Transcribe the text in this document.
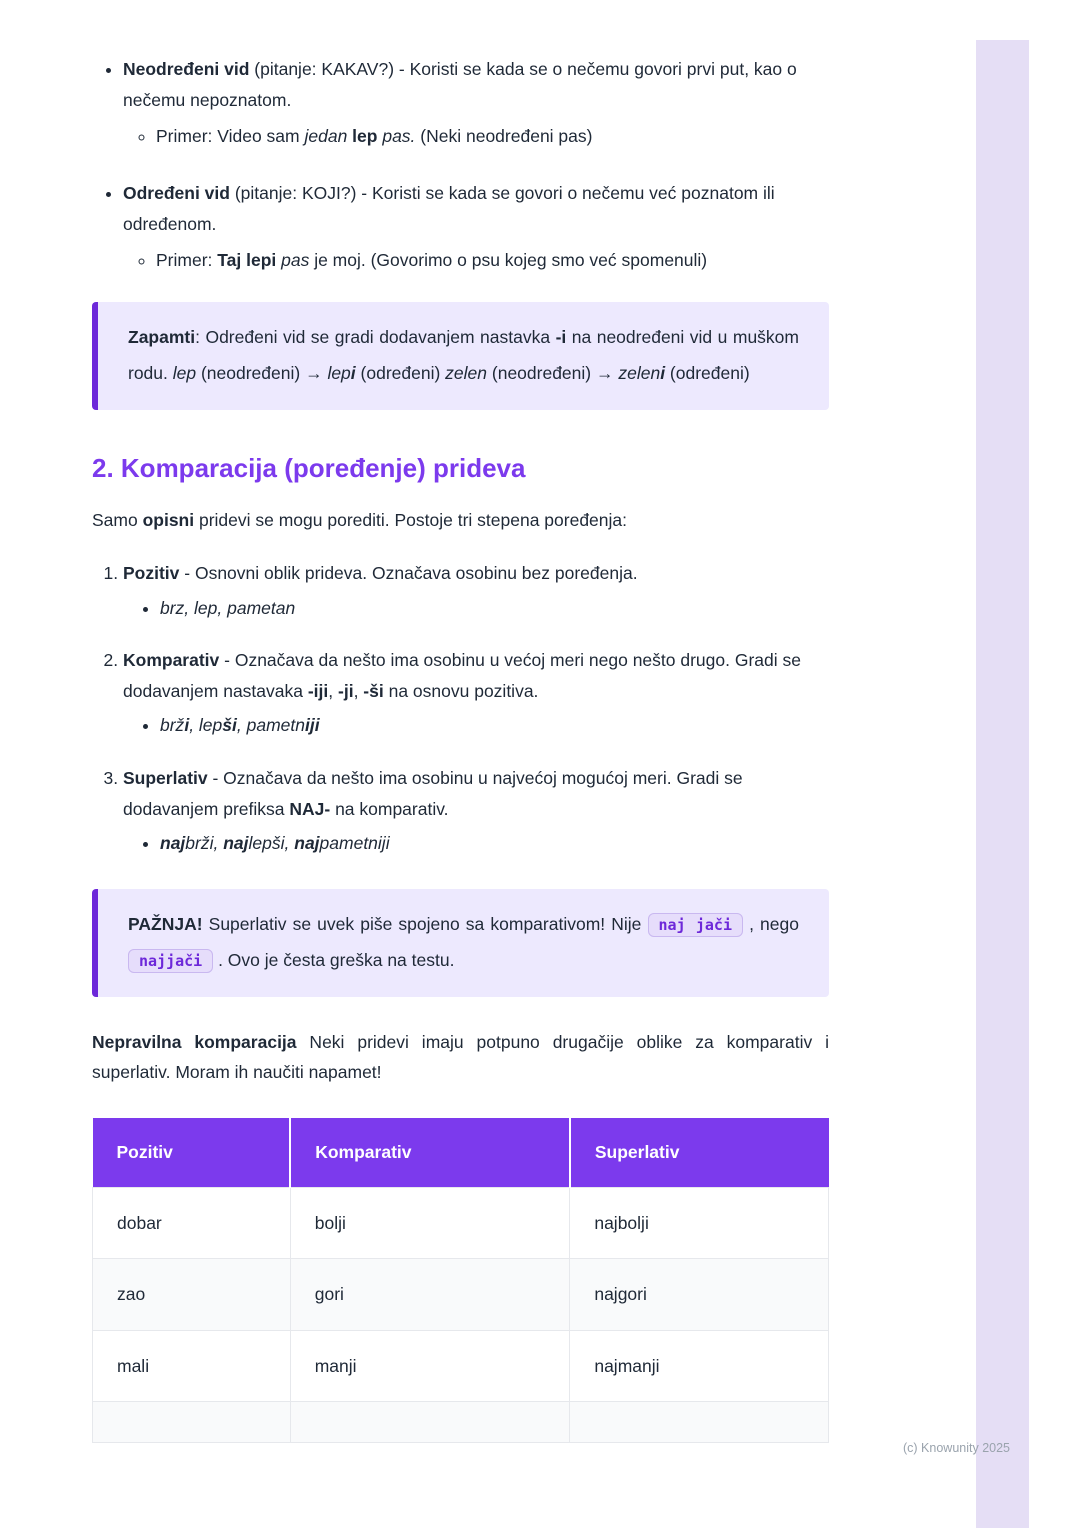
• Neodređeni vid (pitanje: KAKAV?) - Koristi se kada se o nečemu govori prvi put, kao o nečemu nepoznatom.
◦ Primer: Video sam jedan lep pas. (Neki neodređeni pas)
• Određeni vid (pitanje: KOJI?) - Koristi se kada se govori o nečemu već poznatom ili određenom.
◦ Primer: Taj lepi pas je moj. (Govorimo o psu kojeg smo već spomenuli)
Zapamti: Određeni vid se gradi dodavanjem nastavka -i na neodređeni vid u muškom rodu. lep (neodređeni) → lepi (određeni) zelen (neodređeni) → zeleni (određeni)
2. Komparacija (poređenje) prideva

Samo opisni pridevi se mogu porediti. Postoje tri stepena poređenja:

1. Pozitiv - Osnovni oblik prideva. Označava osobinu bez poređenja.
• brz, lep, pametan
2. Komparativ - Označava da nešto ima osobinu u većoj meri nego nešto drugo. Gradi se dodavanjem nastavaka -iji, -ji, -ši na osnovu pozitiva.
• brži, lepši, pametniji
3. Superlativ - Označava da nešto ima osobinu u najvećoj mogućoj meri. Gradi se dodavanjem prefiksa NAJ- na komparativ.
• najbrži, najlepši, najpametniji
PAŽNJA! Superlativ se uvek piše spojeno sa komparativom! Nije naj jači , nego najjači . Ovo je česta greška na testu.

Nepravilna komparacija Neki pridevi imaju potpuno drugačije oblike za komparativ i superlativ. Moram ih naučiti napamet!

Pozitiv	Komparativ	Superlativ
dobar	bolji	najbolji
zao	gori	najgori
mali	manji	najmanji

(c) Knowunity 2025
